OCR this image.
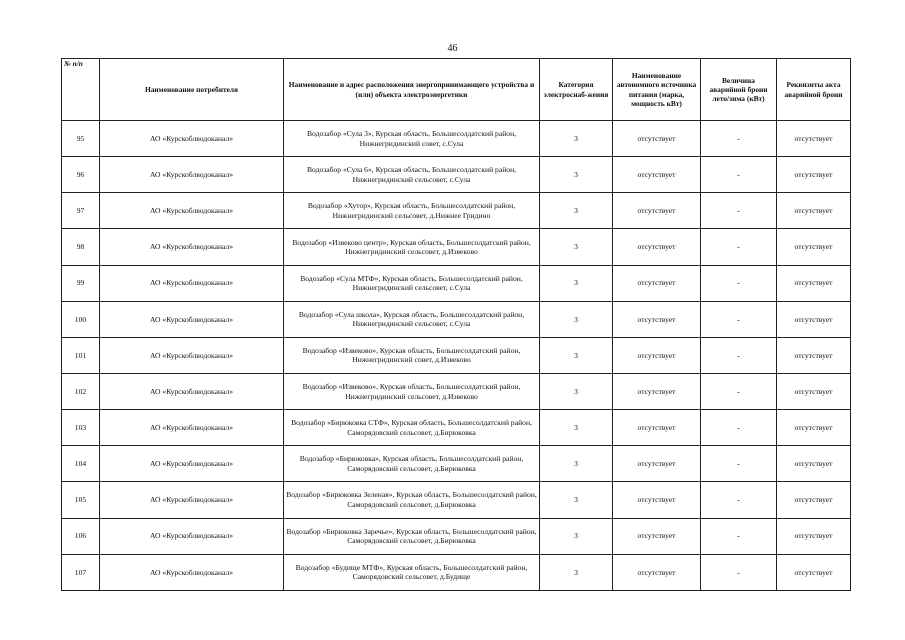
46
№ п/п	Наименование потребителя	Наименование и адрес расположения энергопринимающего устройства и (или) объекта электроэнергетики	Категория электроснаб-жения	Наименование автономного источника питания (марка, мощность кВт)	Величина аварийной брони лето/зима (кВт)	Реквизиты акта аварийной брони
95	АО «Курскоблводоканал»	Водозабор «Сула 3», Курская область, Большесолдатский район, Нижнегридинский совет, с.Сула	3	отсутствует	-	отсутствует
96	АО «Курскоблводоканал»	Водозабор «Сула 6», Курская область, Большесолдатский район, Нижнегридинский сельсовет, с.Сула	3	отсутствует	-	отсутствует
97	АО «Курскоблводоканал»	Водозабор «Хутор», Курская область, Большесолдатский район, Нижнегридинский сельсовет, д.Нижнее Гридино	3	отсутствует	-	отсутствует
98	АО «Курскоблводоканал»	Водозабор «Извеково центр», Курская область, Большесолдатский район, Нижнегридинский сельсовет, д.Извеково	3	отсутствует	-	отсутствует
99	АО «Курскоблводоканал»	Водозабор «Сула МТФ», Курская область, Большесолдатский район, Нижнегридинский сельсовет, с.Сула	3	отсутствует	-	отсутствует
100	АО «Курскоблводоканал»	Водозабор «Сула школа», Курская область, Большесолдатский район, Нижнегридинский сельсовет, с.Сула	3	отсутствует	-	отсутствует
101	АО «Курскоблводоканал»	Водозабор «Извеково», Курская область, Большесолдатский район, Нижнегридинский совет, д.Извеково	3	отсутствует	-	отсутствует
102	АО «Курскоблводоканал»	Водозабор «Извеково», Курская область, Большесолдатский район, Нижнегридинский сельсовет, д.Извеково	3	отсутствует	-	отсутствует
103	АО «Курскоблводоканал»	Водозабор «Бирюковка СТФ», Курская область, Большесолдатский район, Саморядовский сельсовет, д.Бирюковка	3	отсутствует	-	отсутствует
104	АО «Курскоблводоканал»	Водозабор «Бирюковка», Курская область, Большесолдатский район, Саморядовский сельсовет, д.Бирюковка	3	отсутствует	-	отсутствует
105	АО «Курскоблводоканал»	Водозабор «Бирюковка Зеленая», Курская область, Большесолдатский район, Саморядовский сельсовет, д.Бирюковка	3	отсутствует	-	отсутствует
106	АО «Курскоблводоканал»	Водозабор «Бирюковка Заречье», Курская область, Большесолдатский район, Саморядовский сельсовет, д.Бирюковка	3	отсутствует	-	отсутствует
107	АО «Курскоблводоканал»	Водозабор «Будище МТФ», Курская область, Большесолдатский район, Саморядовский сельсовет, д.Будище	3	отсутствует	-	отсутствует
